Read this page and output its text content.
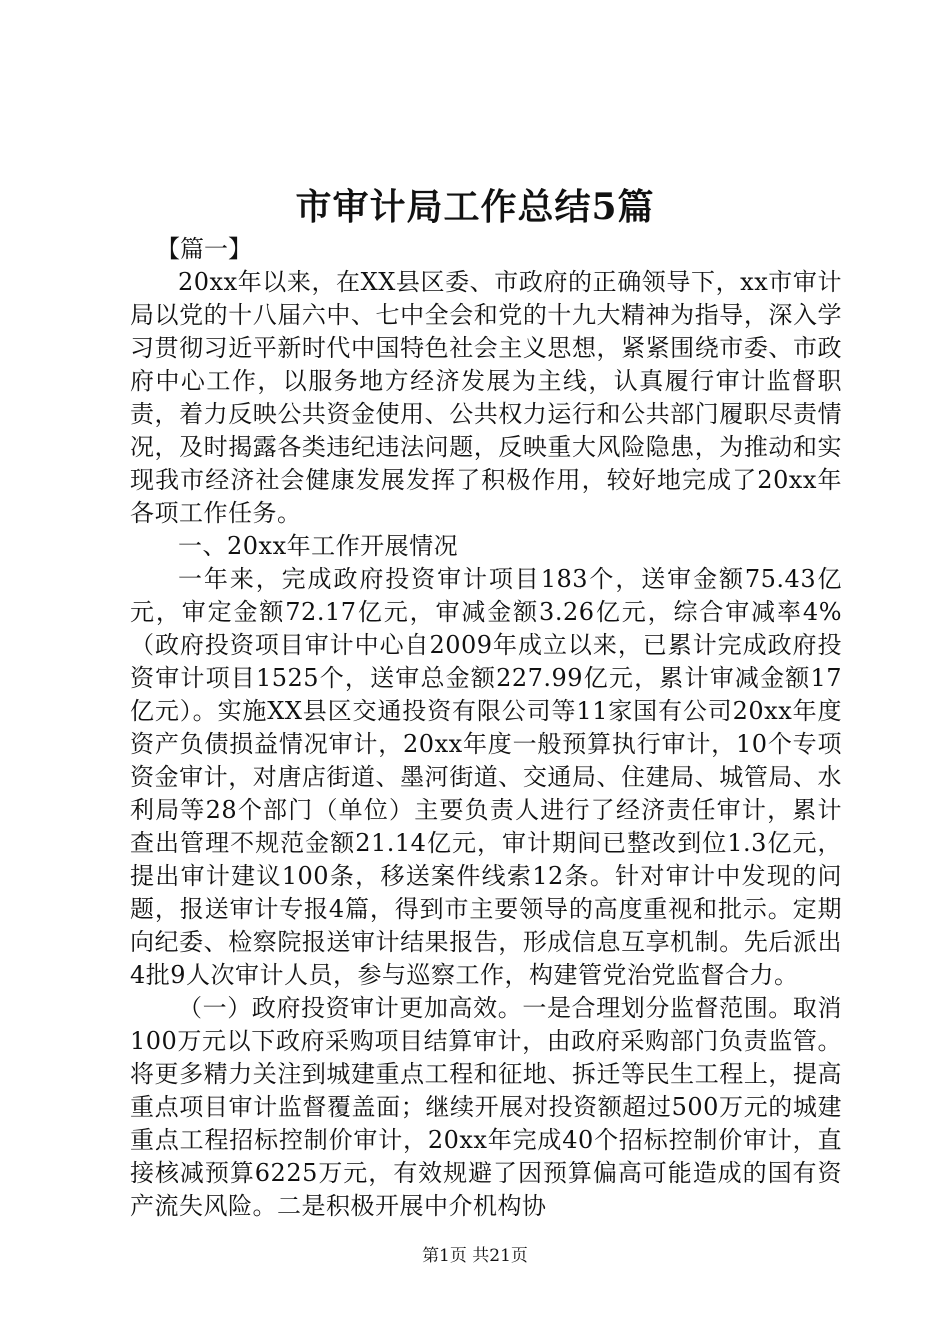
市审计局工作总结5篇

【篇一】

20xx年以来，在XX县区委、市政府的正确领导下，xx市审计局以党的十八届六中、七中全会和党的十九大精神为指导，深入学习贯彻习近平新时代中国特色社会主义思想，紧紧围绕市委、市政府中心工作，以服务地方经济发展为主线，认真履行审计监督职责，着力反映公共资金使用、公共权力运行和公共部门履职尽责情况，及时揭露各类违纪违法问题，反映重大风险隐患，为推动和实现我市经济社会健康发展发挥了积极作用，较好地完成了20xx年各项工作任务。

一、20xx年工作开展情况

一年来，完成政府投资审计项目183个，送审金额75.43亿元，审定金额72.17亿元，审减金额3.26亿元，综合审减率4%（政府投资项目审计中心自2009年成立以来，已累计完成政府投资审计项目1525个，送审总金额227.99亿元，累计审减金额17亿元）。实施XX县区交通投资有限公司等11家国有公司20xx年度资产负债损益情况审计，20xx年度一般预算执行审计，10个专项资金审计，对唐店街道、墨河街道、交通局、住建局、城管局、水利局等28个部门（单位）主要负责人进行了经济责任审计，累计查出管理不规范金额21.14亿元，审计期间已整改到位1.3亿元，提出审计建议100条，移送案件线索12条。针对审计中发现的问题，报送审计专报4篇，得到市主要领导的高度重视和批示。定期向纪委、检察院报送审计结果报告，形成信息互享机制。先后派出4批9人次审计人员，参与巡察工作，构建管党治党监督合力。

（一）政府投资审计更加高效。一是合理划分监督范围。取消100万元以下政府采购项目结算审计，由政府采购部门负责监管。将更多精力关注到城建重点工程和征地、拆迁等民生工程上，提高重点项目审计监督覆盖面；继续开展对投资额超过500万元的城建重点工程招标控制价审计，20xx年完成40个招标控制价审计，直接核减预算6225万元，有效规避了因预算偏高可能造成的国有资产流失风险。二是积极开展中介机构协

第1页 共21页
